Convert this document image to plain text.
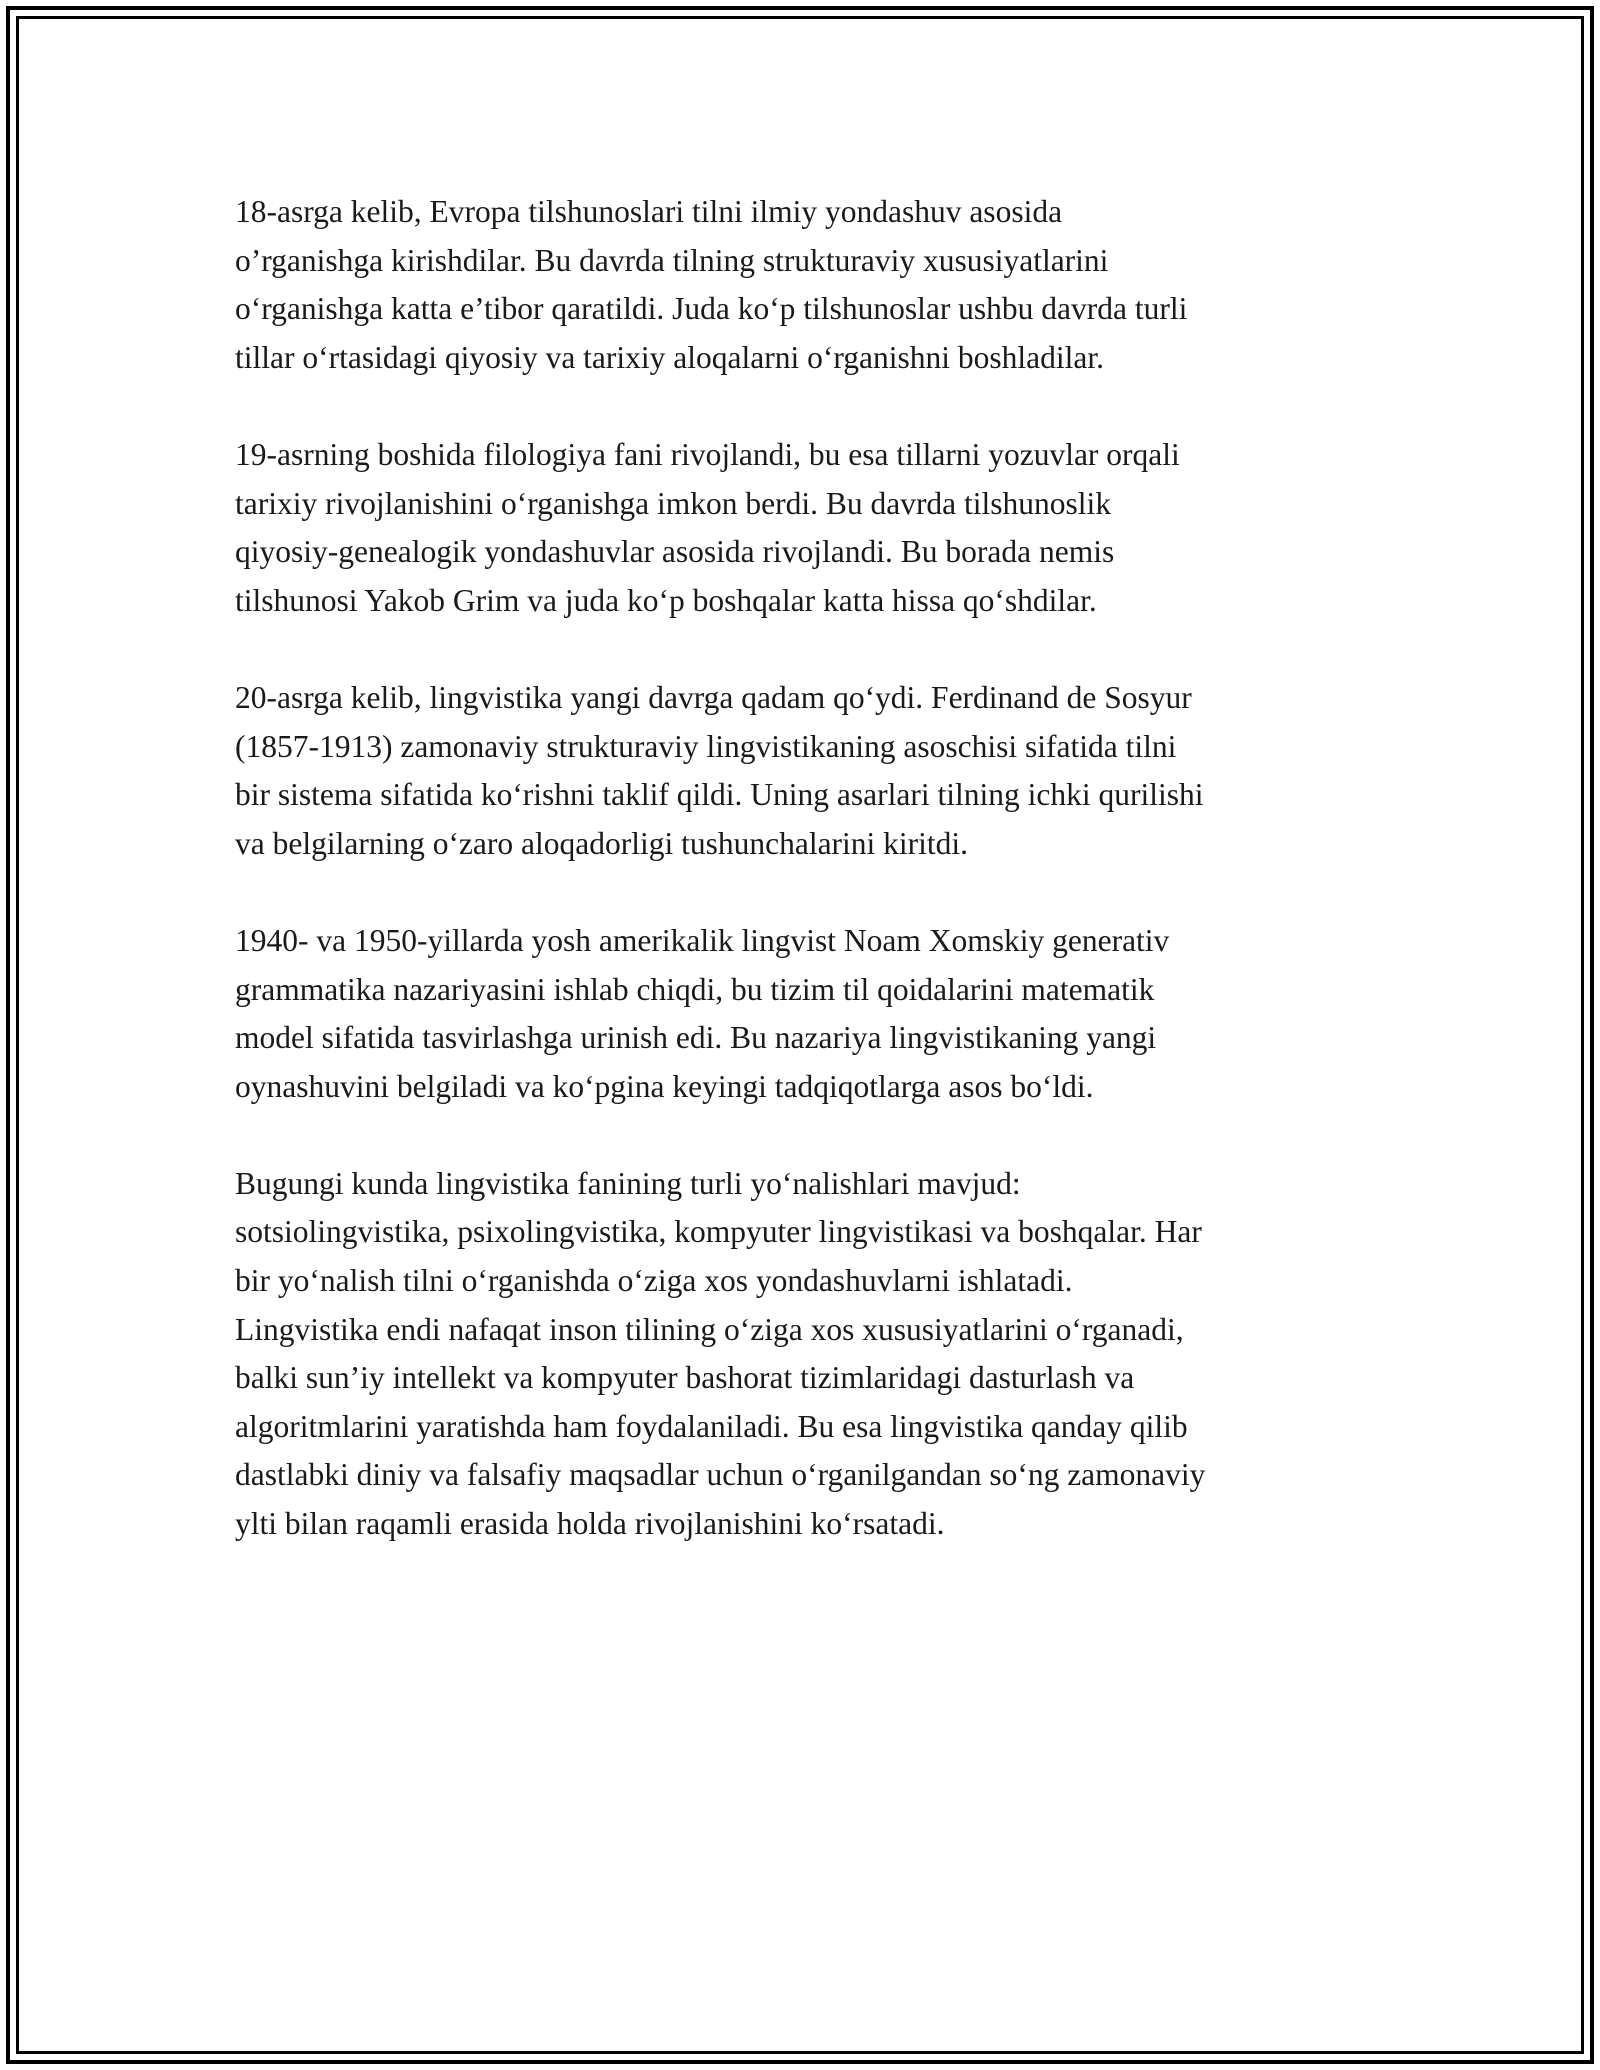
18-asrga kelib, Evropa tilshunoslari tilni ilmiy yondashuv asosida
o’rganishga kirishdilar. Bu davrda tilning strukturaviy xususiyatlarini
o‘rganishga katta e’tibor qaratildi. Juda ko‘p tilshunoslar ushbu davrda turli
tillar o‘rtasidagi qiyosiy va tarixiy aloqalarni o‘rganishni boshladilar.

19-asrning boshida filologiya fani rivojlandi, bu esa tillarni yozuvlar orqali
tarixiy rivojlanishini o‘rganishga imkon berdi. Bu davrda tilshunoslik
qiyosiy-genealogik yondashuvlar asosida rivojlandi. Bu borada nemis
tilshunosi Yakob Grim va juda ko‘p boshqalar katta hissa qo‘shdilar.

20-asrga kelib, lingvistika yangi davrga qadam qo‘ydi. Ferdinand de Sosyur
(1857-1913) zamonaviy strukturaviy lingvistikaning asoschisi sifatida tilni
bir sistema sifatida ko‘rishni taklif qildi. Uning asarlari tilning ichki qurilishi
va belgilarning o‘zaro aloqadorligi tushunchalarini kiritdi.

1940- va 1950-yillarda yosh amerikalik lingvist Noam Xomskiy generativ
grammatika nazariyasini ishlab chiqdi, bu tizim til qoidalarini matematik
model sifatida tasvirlashga urinish edi. Bu nazariya lingvistikaning yangi
oynashuvini belgiladi va ko‘pgina keyingi tadqiqotlarga asos bo‘ldi.

Bugungi kunda lingvistika fanining turli yo‘nalishlari mavjud:
sotsiolingvistika, psixolingvistika, kompyuter lingvistikasi va boshqalar. Har
bir yo‘nalish tilni o‘rganishda o‘ziga xos yondashuvlarni ishlatadi.
Lingvistika endi nafaqat inson tilining o‘ziga xos xususiyatlarini o‘rganadi,
balki sun’iy intellekt va kompyuter bashorat tizimlaridagi dasturlash va
algoritmlarini yaratishda ham foydalaniladi. Bu esa lingvistika qanday qilib
dastlabki diniy va falsafiy maqsadlar uchun o‘rganilgandan so‘ng zamonaviy
ylti bilan raqamli erasida holda rivojlanishini ko‘rsatadi.
